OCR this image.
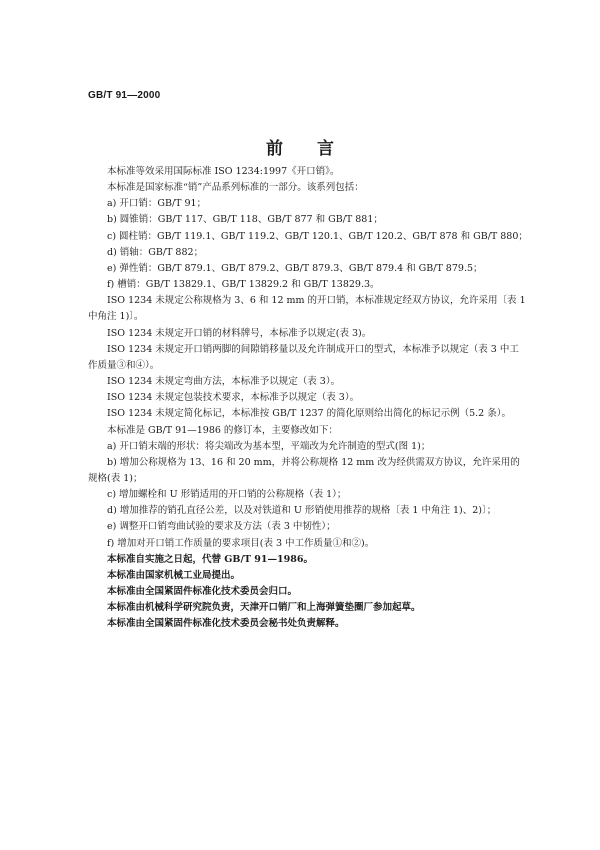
GB/T 91—2000
前　　言

本标准等效采用国际标准 ISO 1234:1997《开口销》。

本标准是国家标准“销”产品系列标准的一部分。该系列包括：

a) 开口销：GB/T 91；

b) 圆锥销：GB/T 117、GB/T 118、GB/T 877 和 GB/T 881；

c) 圆柱销：GB/T 119.1、GB/T 119.2、GB/T 120.1、GB/T 120.2、GB/T 878 和 GB/T 880；

d) 销轴：GB/T 882；

e) 弹性销：GB/T 879.1、GB/T 879.2、GB/T 879.3、GB/T 879.4 和 GB/T 879.5；

f) 槽销：GB/T 13829.1、GB/T 13829.2 和 GB/T 13829.3。

ISO 1234 未规定公称规格为 3、6 和 12 mm 的开口销，本标准规定经双方协议，允许采用〔表 1 中角注 1)〕。

ISO 1234 未规定开口销的材料牌号，本标准予以规定(表 3)。

ISO 1234 未规定开口销两脚的间隙销移量以及允许制成开口的型式，本标准予以规定（表 3 中工作质量③和④）。

ISO 1234 未规定弯曲方法，本标准予以规定（表 3）。

ISO 1234 未规定包装技术要求，本标准予以规定（表 3）。

ISO 1234 未规定简化标记，本标准按 GB/T 1237 的简化原则给出简化的标记示例（5.2 条）。

本标准是 GB/T 91—1986 的修订本，主要修改如下：

a) 开口销末端的形状：将尖端改为基本型，平端改为允许制造的型式(图 1)；

b) 增加公称规格为 13、16 和 20 mm，并将公称规格 12 mm 改为经供需双方协议，允许采用的规格(表 1)；

c) 增加螺栓和 U 形销适用的开口销的公称规格（表 1）；

d) 增加推荐的销孔直径公差，以及对铁道和 U 形销使用推荐的规格〔表 1 中角注 1)、2)〕；

e) 调整开口销弯曲试验的要求及方法（表 3 中韧性）；

f) 增加对开口销工作质量的要求项目(表 3 中工作质量①和②)。

本标准自实施之日起，代替 GB/T 91—1986。

本标准由国家机械工业局提出。

本标准由全国紧固件标准化技术委员会归口。

本标准由机械科学研究院负责，天津开口销厂和上海弹簧垫圈厂参加起草。

本标准由全国紧固件标准化技术委员会秘书处负责解释。
